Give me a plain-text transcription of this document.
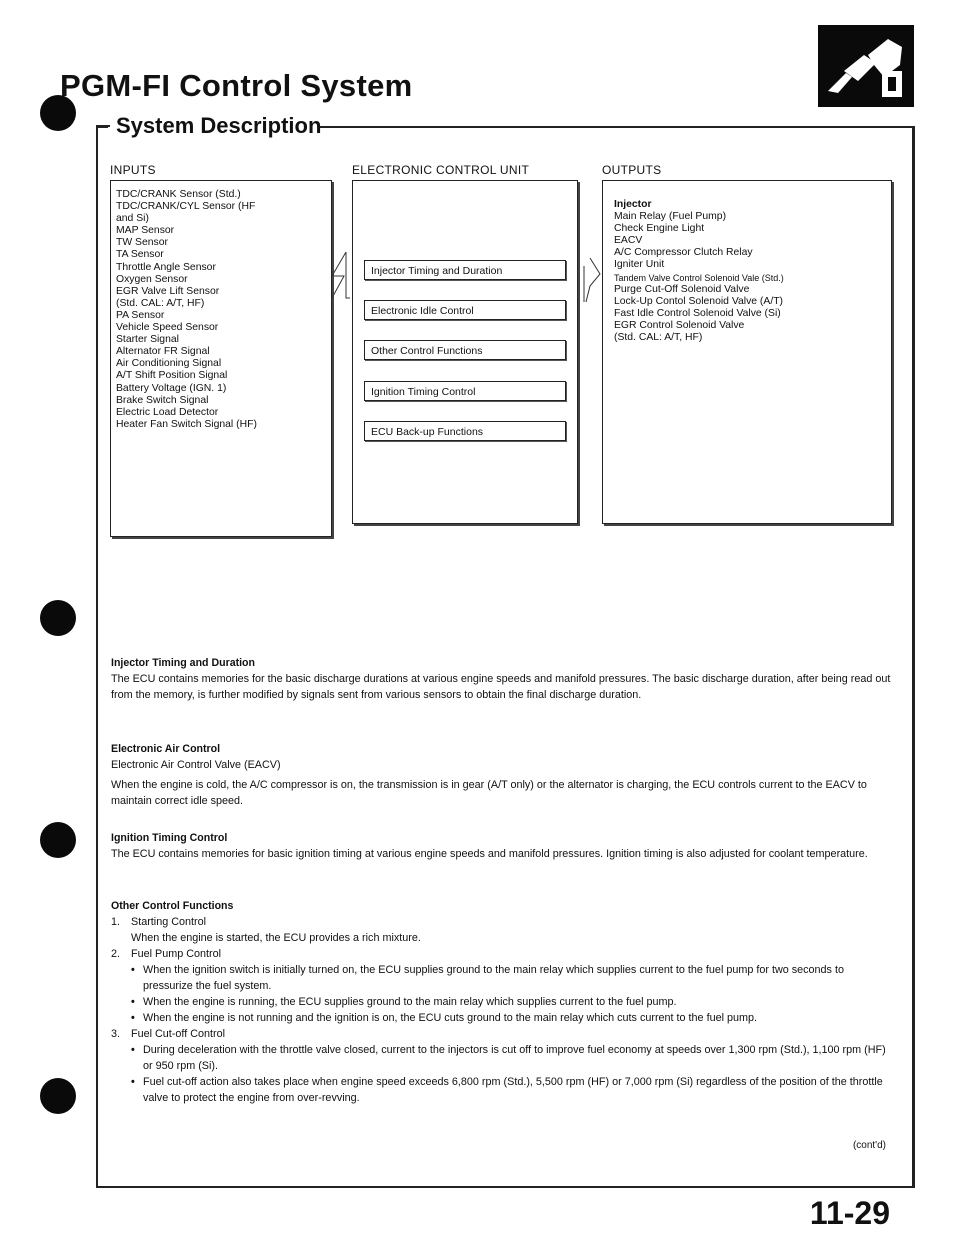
PGM-FI Control System
System Description
INPUTS	ELECTRONIC CONTROL UNIT	OUTPUTS
TDC/CRANK Sensor (Std.)
TDC/CRANK/CYL Sensor (HF
and Si)
MAP Sensor
TW Sensor
TA Sensor
Throttle Angle Sensor
Oxygen Sensor
EGR Valve Lift Sensor
(Std. CAL: A/T, HF)
PA Sensor
Vehicle Speed Sensor
Starter Signal
Alternator FR Signal
Air Conditioning Signal
A/T Shift Position Signal
Battery Voltage (IGN. 1)
Brake Switch Signal
Electric Load Detector
Heater Fan Switch Signal (HF)
Injector Timing and Duration
Electronic Idle Control
Other Control Functions
Ignition Timing Control
ECU Back-up Functions
Injector
Main Relay (Fuel Pump)
Check Engine Light
EACV
A/C Compressor Clutch Relay
Igniter Unit
Tandem Valve Control Solenoid Vale (Std.)
Purge Cut-Off Solenoid Valve
Lock-Up Contol Solenoid Valve (A/T)
Fast Idle Control Solenoid Valve (Si)
EGR Control Solenoid Valve
(Std. CAL: A/T, HF)

Injector Timing and Duration

The ECU contains memories for the basic discharge durations at various engine speeds and manifold pressures. The basic discharge duration, after being read out from the memory, is further modified by signals sent from various sensors to obtain the final discharge duration.

Electronic Air Control

Electronic Air Control Valve (EACV)

When the engine is cold, the A/C compressor is on, the transmission is in gear (A/T only) or the alternator is charging, the ECU controls current to the EACV to maintain correct idle speed.

Ignition Timing Control

The ECU contains memories for basic ignition timing at various engine speeds and manifold pressures. Ignition timing is also adjusted for coolant temperature.

Other Control Functions

1.	Starting Control

When the engine is started, the ECU provides a rich mixture.

2.	Fuel Pump Control
• When the ignition switch is initially turned on, the ECU supplies ground to the main relay which supplies current to the fuel pump for two seconds to pressurize the fuel system.
• When the engine is running, the ECU supplies ground to the main relay which supplies current to the fuel pump.
• When the engine is not running and the ignition is on, the ECU cuts ground to the main relay which cuts current to the fuel pump.
3.	Fuel Cut-off Control
• During deceleration with the throttle valve closed, current to the injectors is cut off to improve fuel economy at speeds over 1,300 rpm (Std.), 1,100 rpm (HF) or 950 rpm (Si).
• Fuel cut-off action also takes place when engine speed exceeds 6,800 rpm (Std.), 5,500 rpm (HF) or 7,000 rpm (Si) regardless of the position of the throttle valve to protect the engine from over-revving.
(cont'd)
11-29
